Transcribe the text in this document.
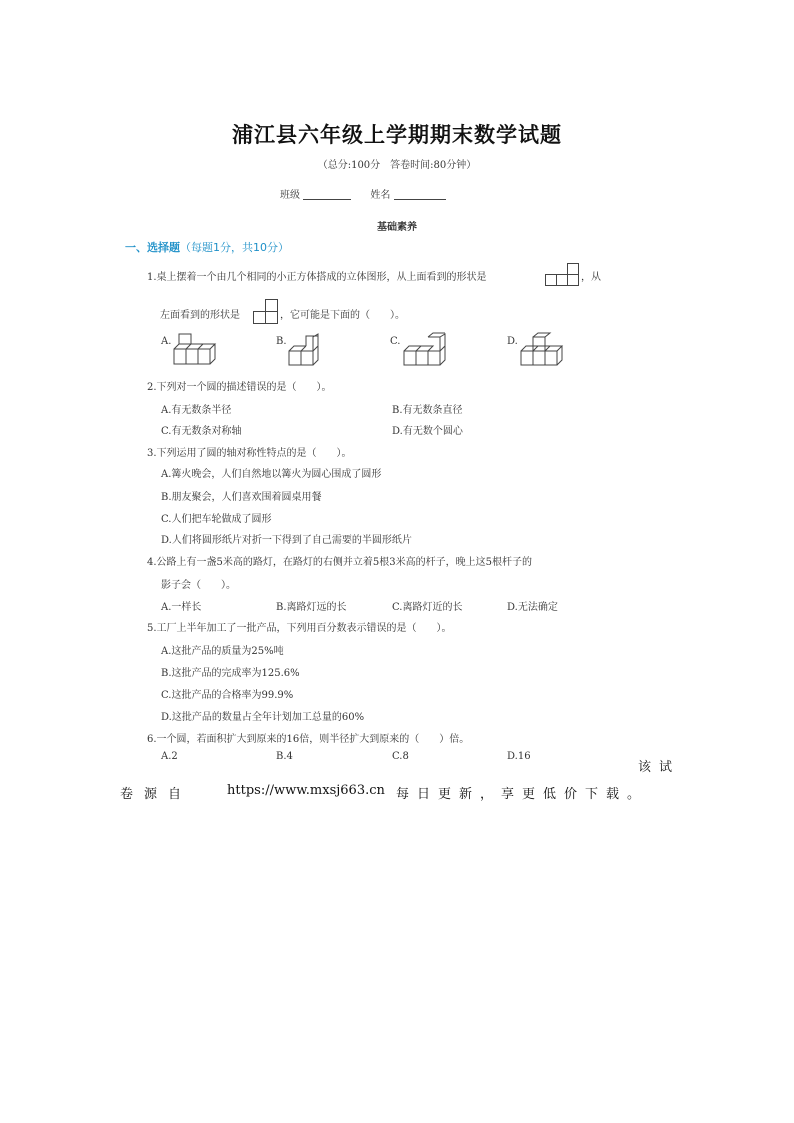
浦江县六年级上学期期末数学试题
（总分:100分　答卷时间:80分钟）
班级	姓名
基础素养
一、选择题（每题1分，共10分）
1.桌上摆着一个由几个相同的小正方体搭成的立体图形，从上面看到的形状是	，从
左面看到的形状是	，它可能是下面的（　　）。
A.	B.	C.	D.
2.下列对一个圆的描述错误的是（　　）。
A.有无数条半径	B.有无数条直径
C.有无数条对称轴	D.有无数个圆心
3.下列运用了圆的轴对称性特点的是（　　）。
A.篝火晚会，人们自然地以篝火为圆心围成了圆形
B.朋友聚会，人们喜欢围着圆桌用餐
C.人们把车轮做成了圆形
D.人们将圆形纸片对折一下得到了自己需要的半圆形纸片
4.公路上有一盏5米高的路灯，在路灯的右侧并立着5根3米高的杆子，晚上这5根杆子的
影子会（　　）。
A.一样长	B.离路灯远的长	C.离路灯近的长	D.无法确定
5.工厂上半年加工了一批产品，下列用百分数表示错误的是（　　）。
A.这批产品的质量为25%吨
B.这批产品的完成率为125.6%
C.这批产品的合格率为99.9%
D.这批产品的数量占全年计划加工总量的60%
6.一个圆，若面积扩大到原来的16倍，则半径扩大到原来的（　　）倍。
A.2	B.4	C.8	D.16
该试
卷源自	https://www.mxsj663.cn 每日更新，享更低价下载。
